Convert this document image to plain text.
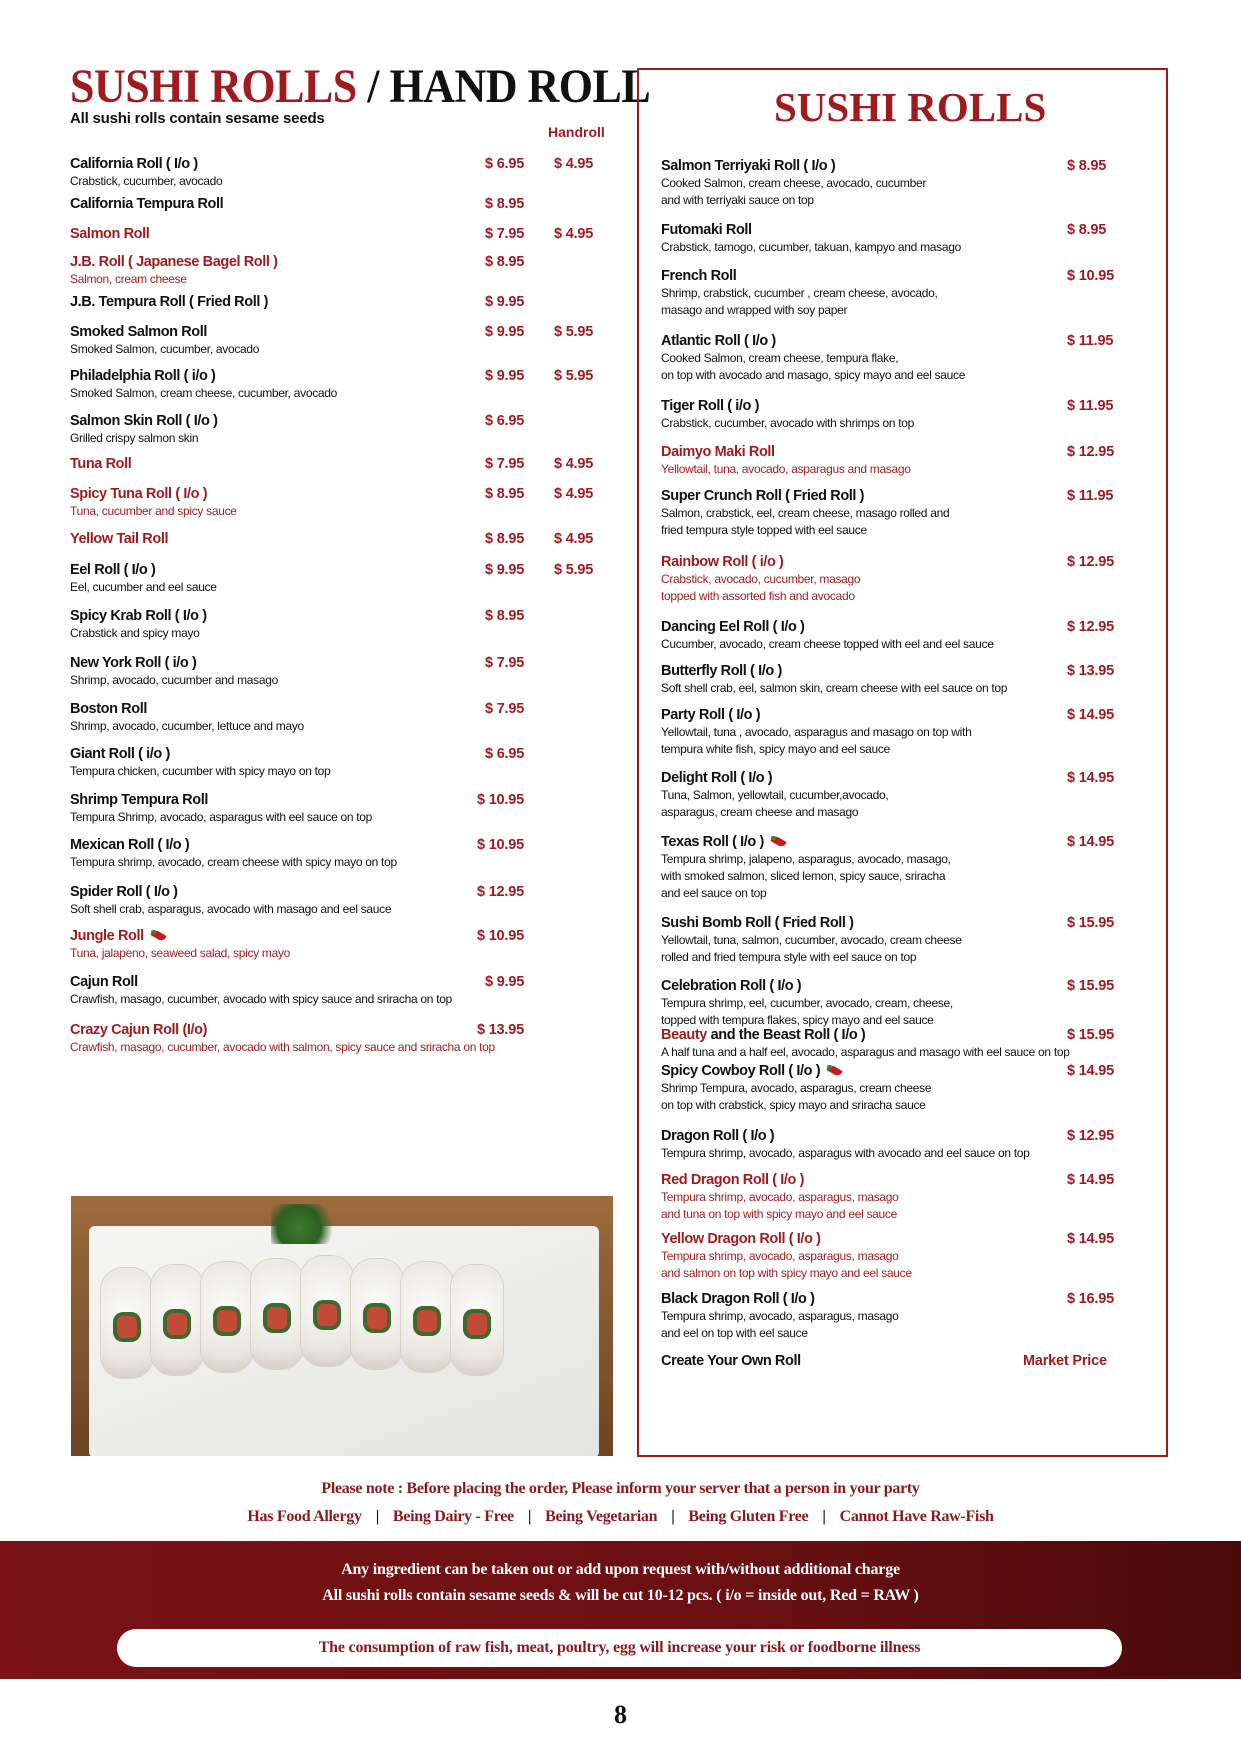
SUSHI ROLLS / HAND ROLL
All sushi rolls contain sesame seeds
Handroll
California Roll ( I/o )
Crabstick, cucumber, avocado
$ 6.95 $ 4.95
California Tempura Roll	$ 8.95
Salmon Roll	$ 7.95 $ 4.95
J.B. Roll ( Japanese Bagel Roll )
Salmon, cream cheese
$ 8.95
J.B. Tempura Roll ( Fried Roll )	$ 9.95
Smoked Salmon Roll
Smoked Salmon, cucumber, avocado
$ 9.95 $ 5.95
Philadelphia Roll ( i/o )
Smoked Salmon, cream cheese, cucumber, avocado
$ 9.95 $ 5.95
Salmon Skin Roll ( I/o )
Grilled crispy salmon skin
$ 6.95
Tuna Roll	$ 7.95 $ 4.95
Spicy Tuna Roll ( I/o )
Tuna, cucumber and spicy sauce
$ 8.95 $ 4.95
Yellow Tail Roll	$ 8.95 $ 4.95
Eel Roll ( I/o )
Eel, cucumber and eel sauce
$ 9.95 $ 5.95
Spicy Krab Roll ( I/o )
Crabstick and spicy mayo
$ 8.95
New York Roll ( i/o )
Shrimp, avocado, cucumber and masago
$ 7.95
Boston Roll
Shrimp, avocado, cucumber, lettuce and mayo
$ 7.95
Giant Roll ( i/o )
Tempura chicken, cucumber with spicy mayo on top
$ 6.95
Shrimp Tempura Roll
Tempura Shrimp, avocado, asparagus with eel sauce on top
$ 10.95
Mexican Roll ( I/o )
Tempura shrimp, avocado, cream cheese with spicy mayo on top
$ 10.95
Spider Roll ( I/o )
Soft shell crab, asparagus, avocado with masago and eel sauce
$ 12.95
Jungle Roll
Tuna, jalapeno, seaweed salad, spicy mayo
$ 10.95
Cajun Roll
Crawfish, masago, cucumber, avocado with spicy sauce and sriracha on top
$ 9.95
Crazy Cajun Roll (I/o)
Crawfish, masago, cucumber, avocado with salmon, spicy sauce and sriracha on top
$ 13.95
SUSHI ROLLS
Salmon Terriyaki Roll ( I/o )
Cooked Salmon, cream cheese, avocado, cucumber
and with terriyaki sauce on top
$ 8.95
Futomaki Roll
Crabstick, tamogo, cucumber, takuan, kampyo and masago
$ 8.95
French Roll
Shrimp, crabstick, cucumber , cream cheese, avocado,
masago and wrapped with soy paper
$ 10.95
Atlantic Roll ( I/o )
Cooked Salmon, cream cheese, tempura flake,
on top with avocado and masago, spicy mayo and eel sauce
$ 11.95
Tiger Roll ( i/o )
Crabstick, cucumber, avocado with shrimps on top
$ 11.95
Daimyo Maki Roll
Yellowtail, tuna, avocado, asparagus and masago
$ 12.95
Super Crunch Roll ( Fried Roll )
Salmon, crabstick, eel, cream cheese, masago rolled and
fried tempura style topped with eel sauce
$ 11.95
Rainbow Roll ( i/o )
Crabstick, avocado, cucumber, masago
topped with assorted fish and avocado
$ 12.95
Dancing Eel Roll ( I/o )
Cucumber, avocado, cream cheese topped with eel and eel sauce
$ 12.95
Butterfly Roll ( I/o )
Soft shell crab, eel, salmon skin, cream cheese with eel sauce on top
$ 13.95
Party Roll ( I/o )
Yellowtail, tuna , avocado, asparagus and masago on top with
tempura white fish, spicy mayo and eel sauce
$ 14.95
Delight Roll ( I/o )
Tuna, Salmon, yellowtail, cucumber,avocado,
asparagus, cream cheese and masago
$ 14.95
Texas Roll ( I/o )
Tempura shrimp, jalapeno, asparagus, avocado, masago,
with smoked salmon, sliced lemon, spicy sauce, sriracha
and eel sauce on top
$ 14.95
Sushi Bomb Roll ( Fried Roll )
Yellowtail, tuna, salmon, cucumber, avocado, cream cheese
rolled and fried tempura style with eel sauce on top
$ 15.95
Celebration Roll ( I/o )
Tempura shrimp, eel, cucumber, avocado, cream, cheese,
topped with tempura flakes, spicy mayo and eel sauce
$ 15.95
Beauty and the Beast Roll ( I/o )
A half tuna and a half eel, avocado, asparagus and masago with eel sauce on top
$ 15.95
Spicy Cowboy Roll ( I/o )
Shrimp Tempura, avocado, asparagus, cream cheese
on top with crabstick, spicy mayo and sriracha sauce
$ 14.95
Dragon Roll ( I/o )
Tempura shrimp, avocado, asparagus with avocado and eel sauce on top
$ 12.95
Red Dragon Roll ( I/o )
Tempura shrimp, avocado, asparagus, masago
and tuna on top with spicy mayo and eel sauce
$ 14.95
Yellow Dragon Roll ( I/o )
Tempura shrimp, avocado, asparagus, masago
and salmon on top with spicy mayo and eel sauce
$ 14.95
Black Dragon Roll ( I/o )
Tempura shrimp, avocado, asparagus, masago
and eel on top with eel sauce
$ 16.95
Create Your Own Roll	Market Price
Please note : Before placing the order, Please inform your server that a person in your party
Has Food Allergy | Being Dairy - Free | Being Vegetarian | Being Gluten Free | Cannot Have Raw-Fish
Any ingredient can be taken out or add upon request with/without additional charge
All sushi rolls contain sesame seeds & will be cut 10-12 pcs. ( i/o = inside out, Red = RAW )
The consumption of raw fish, meat, poultry, egg will increase your risk or foodborne illness
8
